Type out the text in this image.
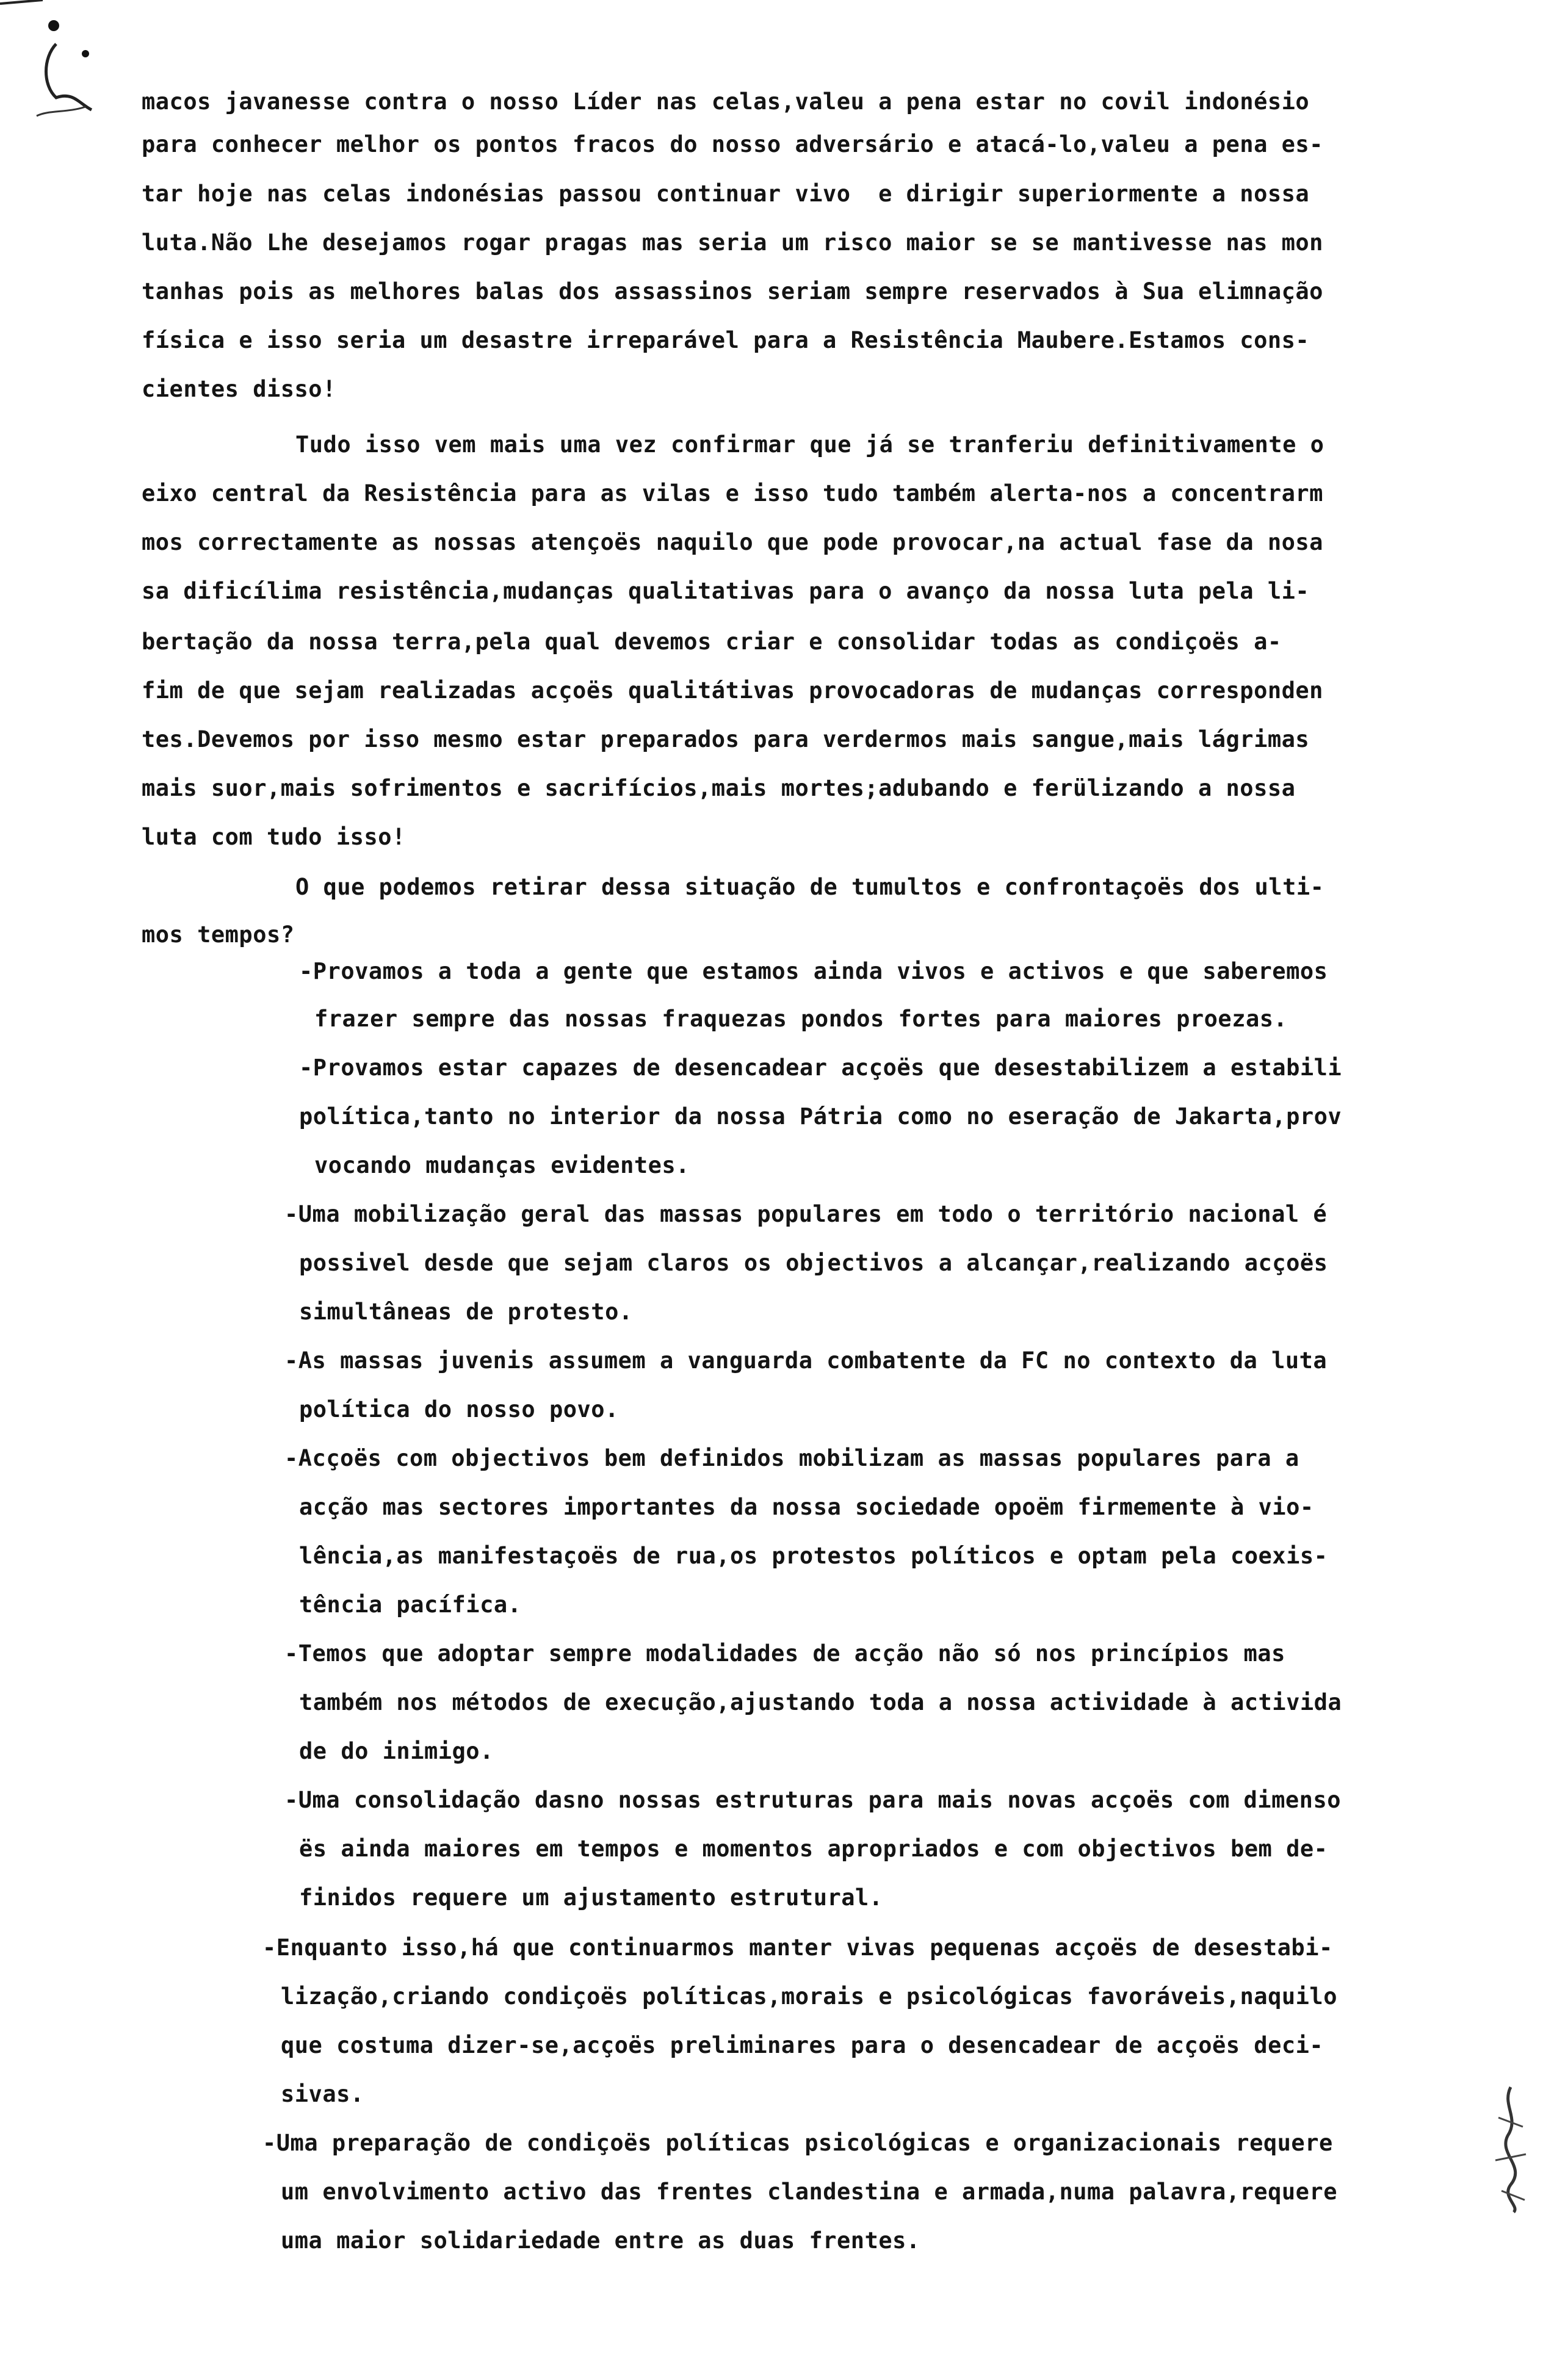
macos javanesse contra o nosso Líder nas celas,valeu a pena estar no covil indonésio
para conhecer melhor os pontos fracos do nosso adversário e atacá-lo,valeu a pena es-
tar hoje nas celas indonésias passou continuar vivo  e dirigir superiormente a nossa
luta.Não Lhe desejamos rogar pragas mas seria um risco maior se se mantivesse nas mon
tanhas pois as melhores balas dos assassinos seriam sempre reservados à Sua elimnação
física e isso seria um desastre irreparável para a Resistência Maubere.Estamos cons-
cientes disso!
Tudo isso vem mais uma vez confirmar que já se tranferiu definitivamente o
eixo central da Resistência para as vilas e isso tudo também alerta-nos a concentrarm
mos correctamente as nossas atençoës naquilo que pode provocar,na actual fase da nosa
sa dificílima resistência,mudanças qualitativas para o avanço da nossa luta pela li-
bertação da nossa terra,pela qual devemos criar e consolidar todas as condiçoës a-
fim de que sejam realizadas acçoës qualitátivas provocadoras de mudanças corresponden
tes.Devemos por isso mesmo estar preparados para verdermos mais sangue,mais lágrimas
mais suor,mais sofrimentos e sacrifícios,mais mortes;adubando e ferülizando a nossa
luta com tudo isso!
O que podemos retirar dessa situação de tumultos e confrontaçoës dos ulti-
mos tempos?
-Provamos a toda a gente que estamos ainda vivos e activos e que saberemos
frazer sempre das nossas fraquezas pondos fortes para maiores proezas.
-Provamos estar capazes de desencadear acçoës que desestabilizem a estabili
política,tanto no interior da nossa Pátria como no eseração de Jakarta,prov
vocando mudanças evidentes.
-Uma mobilização geral das massas populares em todo o território nacional é
possivel desde que sejam claros os objectivos a alcançar,realizando acçoës
simultâneas de protesto.
-As massas juvenis assumem a vanguarda combatente da FC no contexto da luta
política do nosso povo.
-Acçoës com objectivos bem definidos mobilizam as massas populares para a
acção mas sectores importantes da nossa sociedade opoëm firmemente à vio-
lência,as manifestaçoës de rua,os protestos políticos e optam pela coexis-
tência pacífica.
-Temos que adoptar sempre modalidades de acção não só nos princípios mas
também nos métodos de execução,ajustando toda a nossa actividade à activida
de do inimigo.
-Uma consolidação dasno nossas estruturas para mais novas acçoës com dimenso
ës ainda maiores em tempos e momentos apropriados e com objectivos bem de-
finidos requere um ajustamento estrutural.
-Enquanto isso,há que continuarmos manter vivas pequenas acçoës de desestabi-
lização,criando condiçoës políticas,morais e psicológicas favoráveis,naquilo
que costuma dizer-se,acçoës preliminares para o desencadear de acçoës deci-
sivas.
-Uma preparação de condiçoës políticas psicológicas e organizacionais requere
um envolvimento activo das frentes clandestina e armada,numa palavra,requere
uma maior solidariedade entre as duas frentes.
